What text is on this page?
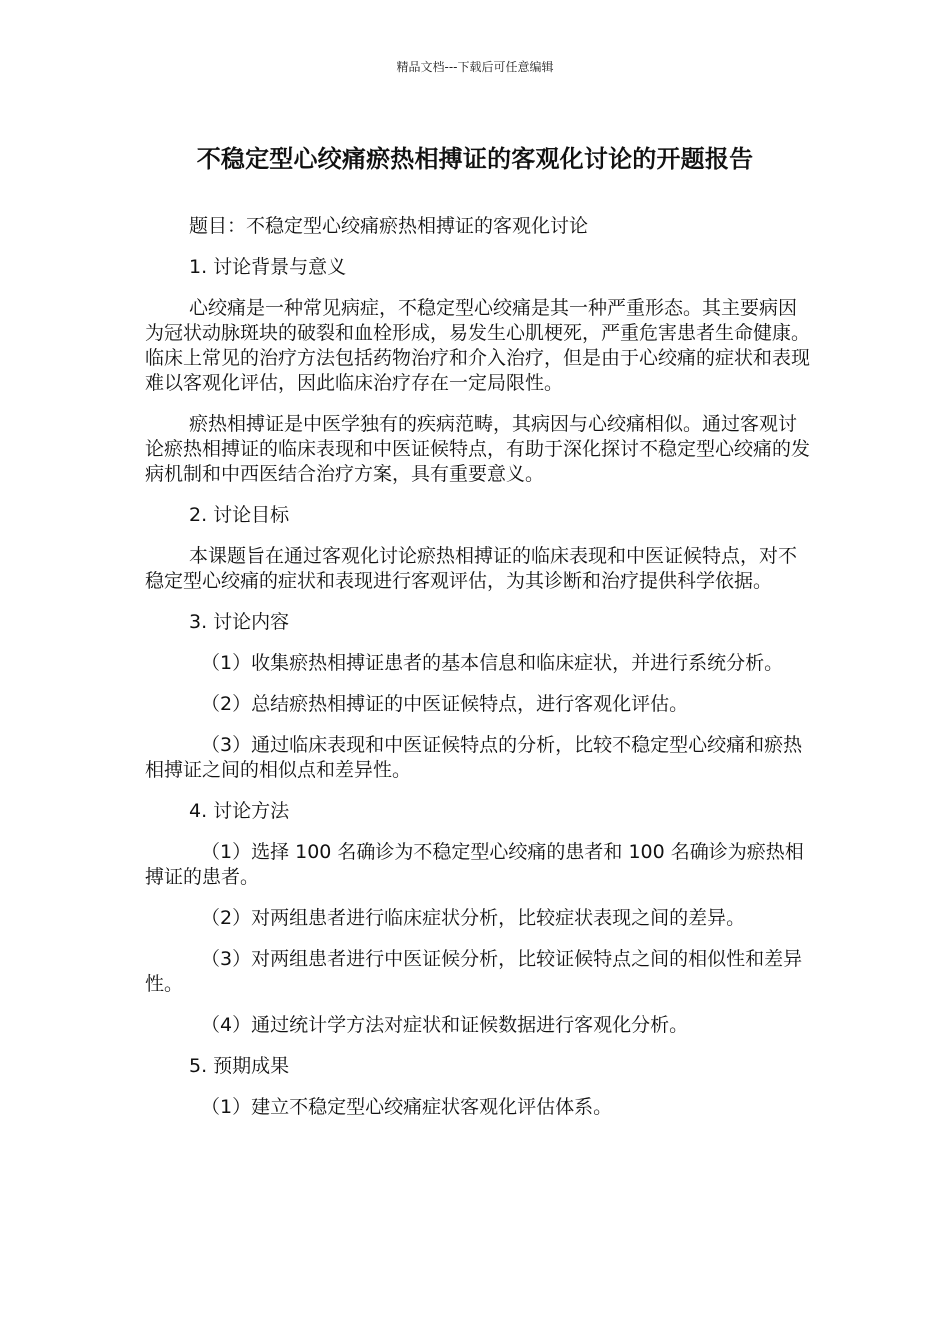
精品文档---下载后可任意编辑
不稳定型心绞痛瘀热相搏证的客观化讨论的开题报告

题目：不稳定型心绞痛瘀热相搏证的客观化讨论

1. 讨论背景与意义

心绞痛是一种常见病症，不稳定型心绞痛是其一种严重形态。其主要病因为冠状动脉斑块的破裂和血栓形成，易发生心肌梗死，严重危害患者生命健康。临床上常见的治疗方法包括药物治疗和介入治疗，但是由于心绞痛的症状和表现难以客观化评估，因此临床治疗存在一定局限性。

瘀热相搏证是中医学独有的疾病范畴，其病因与心绞痛相似。通过客观讨论瘀热相搏证的临床表现和中医证候特点，有助于深化探讨不稳定型心绞痛的发病机制和中西医结合治疗方案，具有重要意义。

2. 讨论目标

本课题旨在通过客观化讨论瘀热相搏证的临床表现和中医证候特点，对不稳定型心绞痛的症状和表现进行客观评估，为其诊断和治疗提供科学依据。

3. 讨论内容

（1）收集瘀热相搏证患者的基本信息和临床症状，并进行系统分析。

（2）总结瘀热相搏证的中医证候特点，进行客观化评估。

（3）通过临床表现和中医证候特点的分析，比较不稳定型心绞痛和瘀热相搏证之间的相似点和差异性。

4. 讨论方法

（1）选择 100 名确诊为不稳定型心绞痛的患者和 100 名确诊为瘀热相搏证的患者。

（2）对两组患者进行临床症状分析，比较症状表现之间的差异。

（3）对两组患者进行中医证候分析，比较证候特点之间的相似性和差异性。

（4）通过统计学方法对症状和证候数据进行客观化分析。

5. 预期成果

（1）建立不稳定型心绞痛症状客观化评估体系。
